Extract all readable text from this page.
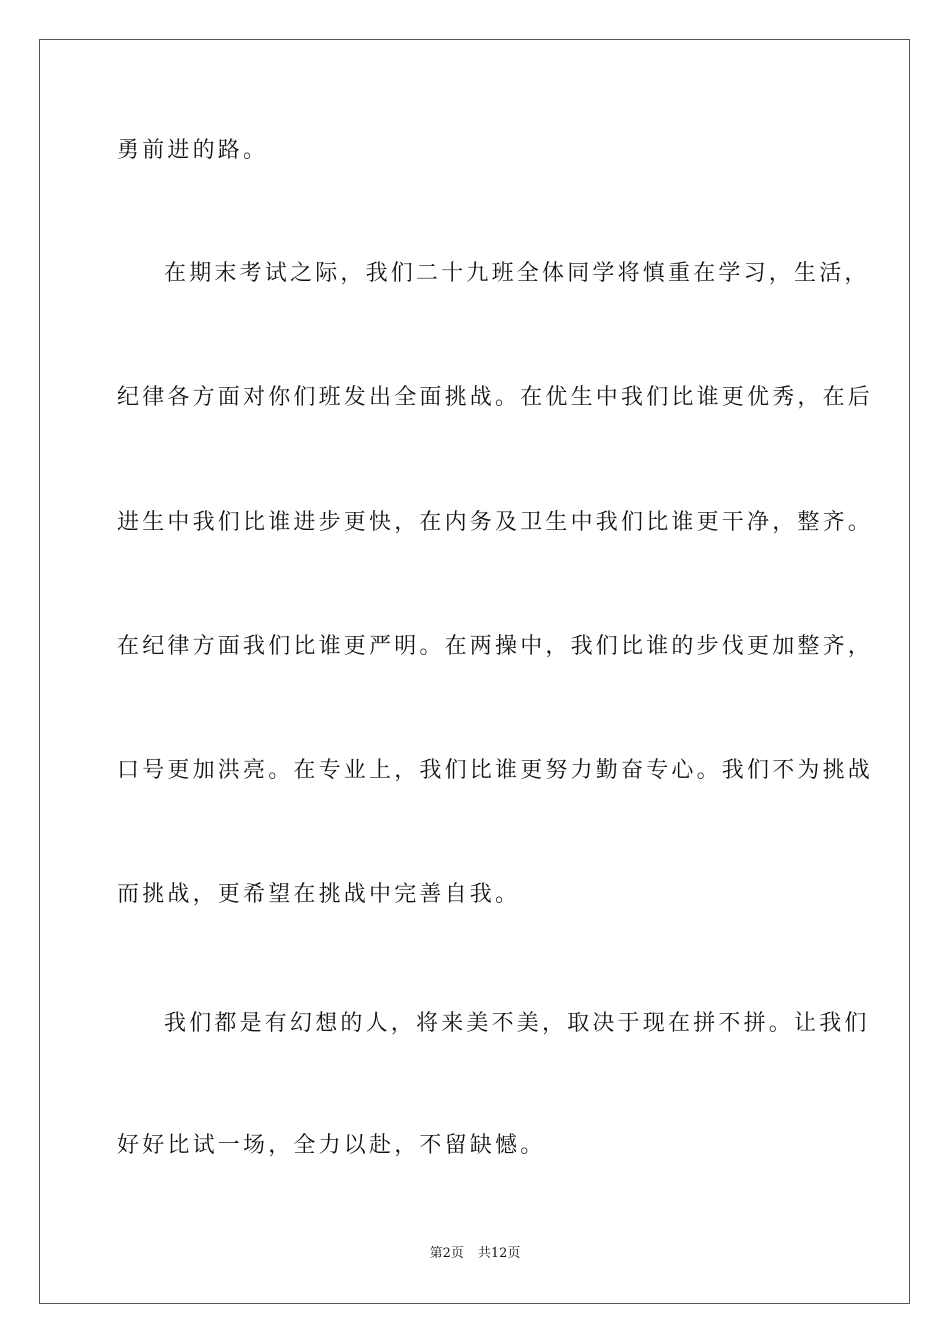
勇前进的路。
在期末考试之际，我们二十九班全体同学将慎重在学习，生活，
纪律各方面对你们班发出全面挑战。在优生中我们比谁更优秀，在后
进生中我们比谁进步更快，在内务及卫生中我们比谁更干净，整齐。
在纪律方面我们比谁更严明。在两操中，我们比谁的步伐更加整齐，
口号更加洪亮。在专业上，我们比谁更努力勤奋专心。我们不为挑战
而挑战，更希望在挑战中完善自我。
我们都是有幻想的人，将来美不美，取决于现在拼不拼。让我们
好好比试一场，全力以赴，不留缺憾。
第2页 共12页
